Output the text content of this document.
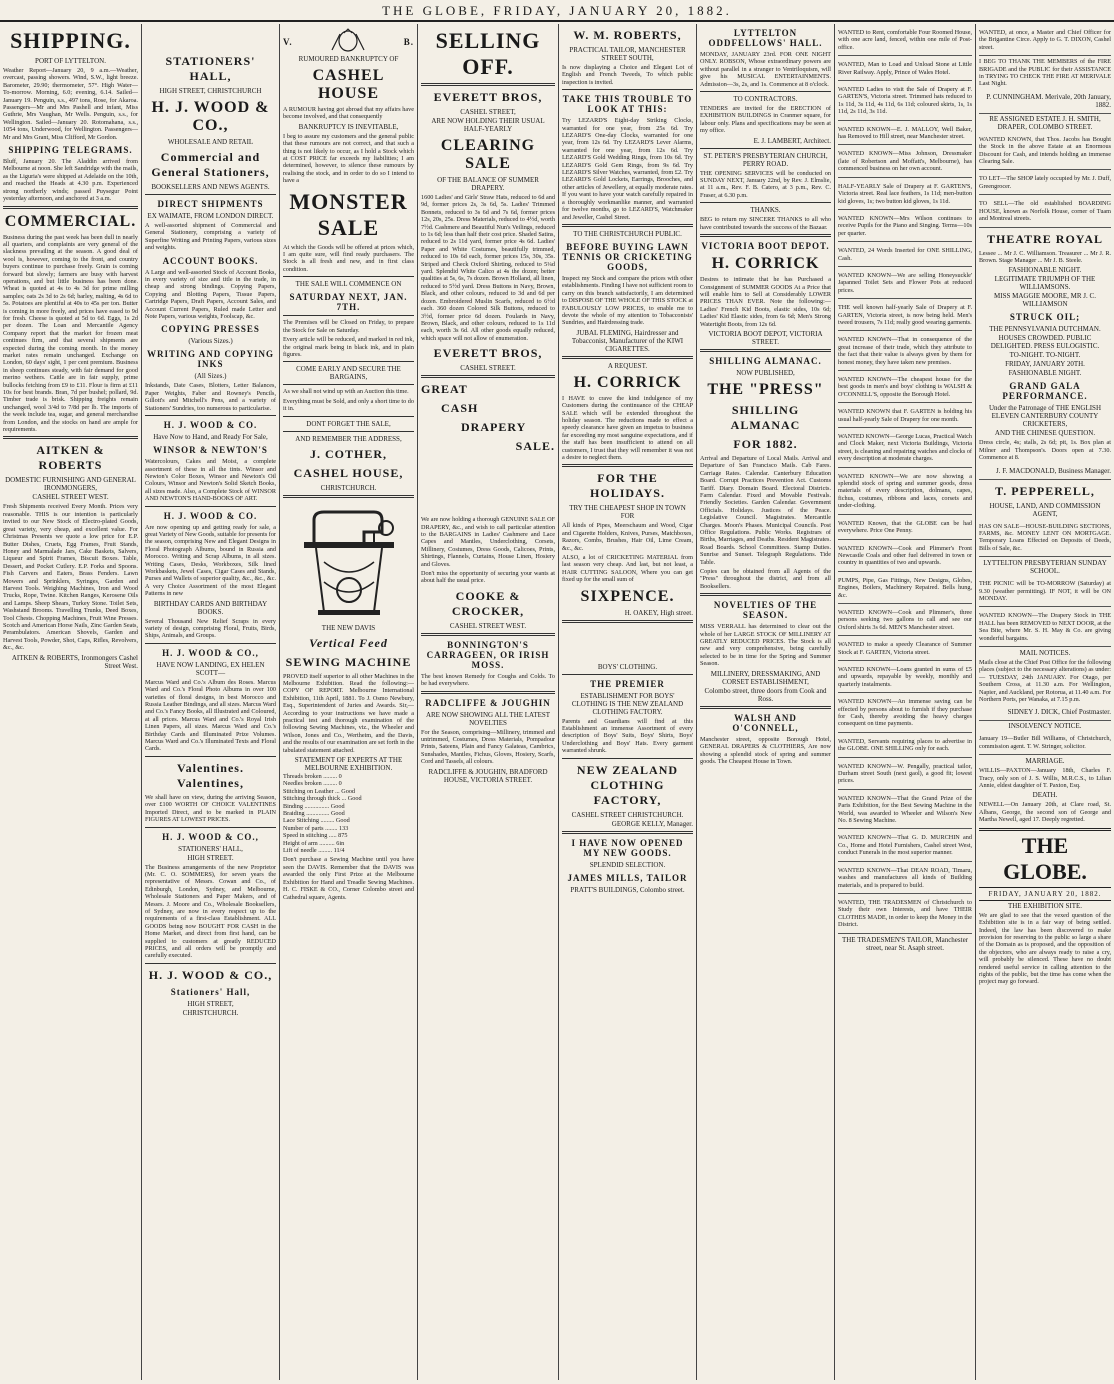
THE GLOBE, FRIDAY, JANUARY 20, 1882.
SHIPPING.
PORT OF LYTTELTON.
Weather Report—January 20, 9 a.m.—Weather, overcast, passing showers. Wind, S.W., light breeze. Barometer, 29.90; thermometer, 57°. High Water—To-morrow. Morning, 6.0; evening, 6.14. Sailed—January 19. Penguin, s.s., 497 tons, Rose, for Akaroa. Passengers—Mr and Mrs Pashell and infant, Miss Guthrie, Mrs Vaughan, Mr Wells. Penguin, s.s., for Wellington. Sailed—January 20. Rotomahana, s.s., 1054 tons, Underwood, for Wellington. Passengers—Mr and Mrs Grant, Miss Clifford, Mr Gordon.
SHIPPING TELEGRAMS.
Bluff, January 20. The Aladdin arrived from Melbourne at noon. She left Sandridge with the mails, as the Liguria's were shipped at Adelaide on the 10th, and reached the Heads at 4.30 p.m. Experienced strong northerly winds; passed Puysegur Point yesterday afternoon, and anchored at 3 a.m.
COMMERCIAL.
Business during the past week has been dull in nearly all quarters, and complaints are very general of the slackness prevailing at the season. A good deal of wool is, however, coming to the front, and country buyers continue to purchase freely. Grain is coming forward but slowly; farmers are busy with harvest operations, and but little business has been done. Wheat is quoted at 4s to 4s 3d for prime milling samples; oats 2s 3d to 2s 6d; barley, malting, 4s 6d to 5s. Potatoes are plentiful at 40s to 45s per ton. Butter is coming in more freely, and prices have eased to 9d for fresh. Cheese is quoted at 5d to 6d. Eggs, 1s 2d per dozen. The Loan and Mercantile Agency Company report that the market for frozen meat continues firm, and that several shipments are expected during the coming month. In the money market rates remain unchanged. Exchange on London, 60 days' sight, 1 per cent premium. Business in sheep continues steady, with fair demand for good merino wethers. Cattle are in fair supply, prime bullocks fetching from £9 to £11. Flour is firm at £11 10s for best brands. Bran, 7d per bushel; pollard, 9d. Timber trade is brisk. Shipping freights remain unchanged, wool 3/4d to 7/8d per lb. The imports of the week include tea, sugar, and general merchandise from London, and the stocks on hand are ample for requirements.
AITKEN & ROBERTS
DOMESTIC FURNISHING AND GENERAL IRONMONGERS,
CASHEL STREET WEST.
Fresh Shipments received Every Month. Prices very reasonable. THIS is our intention is particularly invited to our New Stock of Electro-plated Goods, great variety, very cheap, and excellent value. For Christmas Presents we quote a low price for E.P. Butter Dishes, Cruets, Egg Frames, Fruit Stands, Honey and Marmalade Jars, Cake Baskets, Salvers, Liqueur and Spirit Frames, Biscuit Boxes. Table, Dessert, and Pocket Cutlery. E.P. Forks and Spoons. Fish Carvers and Eaters, Brass Fenders. Lawn Mowers and Sprinklers, Syringes, Garden and Harvest Tools. Weighing Machines, Iron and Wood Trucks, Rope, Twine. Kitchen Ranges, Kerosene Oils and Lamps. Sheep Shears, Turkey Stone. Toilet Sets, Washstand Brooms. Travelling Trunks, Deed Boxes, Tool Chests. Chopping Machines, Fruit Wine Presses. Scotch and American Horse Nails, Zinc Garden Seats, Perambulators. American Shovels, Garden and Harvest Tools, Powder, Shot, Caps, Rifles, Revolvers, &c., &c.
AITKEN & ROBERTS, Ironmongers Cashel Street West.
STATIONERS' HALL,
HIGH STREET, CHRISTCHURCH
H. J. WOOD & CO.,
WHOLESALE AND RETAIL
Commercial and General Stationers,
BOOKSELLERS AND NEWS AGENTS.
DIRECT SHIPMENTS
EX WAIMATE, FROM LONDON DIRECT.
A well-assorted shipment of Commercial and General Stationery, comprising a variety of Superfine Writing and Printing Papers, various sizes and weights.
ACCOUNT BOOKS.
A Large and well-assorted Stock of Account Books, in every variety of size and title in the trade, in cheap and strong bindings. Copying Papers, Copying and Blotting Papers, Tissue Papers, Cartridge Papers, Draft Papers, Account Sales, and Account Current Papers, Ruled made Letter and Note Papers, various weights, Foolscap, &c.
COPYING PRESSES
(Various Sizes.)
WRITING AND COPYING INKS
(All Sizes.)
Inkstands, Date Cases, Blotters, Letter Balances, Paper Weights, Faber and Rowney's Pencils, Gillott's and Mitchell's Pens, and a variety of Stationers' Sundries, too numerous to particularise.
H. J. WOOD & CO.
Have Now to Hand, and Ready For Sale,
WINSOR & NEWTON'S
Watercolours, Cakes and Moist, a complete assortment of these in all the tints. Winsor and Newton's Color Boxes, Winsor and Newton's Oil Colours, Winsor and Newton's Solid Sketch Books, all sizes made. Also, a Complete Stock of WINSOR AND NEWTON'S HAND-BOOKS OF ART.
H. J. WOOD & CO.
Are now opening up and getting ready for sale, a great Variety of New Goods, suitable for presents for the season, comprising New and Elegant Designs in Floral Photograph Albums, bound in Russia and Morocco. Writing and Scrap Albums, in all sizes. Writing Cases, Desks, Workboxes, Silk lined Workbaskets, Jewel Cases, Cigar Cases and Stands, Purses and Wallets of superior quality, &c., &c., &c. A very Choice Assortment of the most Elegant Patterns in new
BIRTHDAY CARDS AND BIRTHDAY BOOKS.
Several Thousand New Relief Scraps in every variety of design, comprising Floral, Fruits, Birds, Ships, Animals, and Groups.
H. J. WOOD & CO.,
HAVE NOW LANDING, EX HELEN SCOTT—
Marcus Ward and Co.'s Album des Roses. Marcus Ward and Co.'s Floral Photo Albums in over 100 varieties of floral designs, in best Morocco and Russia Leather Bindings, and all sizes. Marcus Ward and Co.'s Fancy Books, all Illustrated and Coloured, at all prices. Marcus Ward and Co.'s Royal Irish Linen Papers, all sizes. Marcus Ward and Co.'s Birthday Cards and Illuminated Prize Volumes. Marcus Ward and Co.'s Illuminated Texts and Floral Cards.
Valentines. Valentines,
We shall have on view, during the arriving Season, over £100 WORTH OF CHOICE VALENTINES Imported Direct, and to be marked in PLAIN FIGURES AT LOWEST PRICES.
H. J. WOOD & CO.,
STATIONERS' HALL,
HIGH STREET.
The Business arrangements of the new Proprietor (Mr. C. O. SOMMERS), for seven years the representative of Messrs. Cowan and Co., of Edinburgh, London, Sydney, and Melbourne, Wholesale Stationers and Paper Makers, and of Messrs. J. Moore and Co., Wholesale Booksellers, of Sydney, are now in every respect up to the requirements of a first-class Establishment. ALL GOODS being now BOUGHT FOR CASH in the Home Market, and direct from first hand, can be supplied to customers at greatly REDUCED PRICES, and all orders will be promptly and carefully executed.
H. J. WOOD & CO.,
Stationers' Hall,
HIGH STREET,
CHRISTCHURCH.
V.	B.
RUMOURED BANKRUPTCY OF
CASHEL HOUSE
A RUMOUR having got abroad that my affairs have become involved, and that consequently
BANKRUPTCY IS INEVITABLE,
I beg to assure my customers and the general public that these rumours are not correct, and that such a thing is not likely to occur, as I hold a Stock which at COST PRICE far exceeds my liabilities; I am determined, however, to silence these rumours by realising the stock, and in order to do so I intend to have a
MONSTER SALE
At which the Goods will be offered at prices which, I am quite sure, will find ready purchasers. The Stock is all fresh and new, and in first class condition.
THE SALE WILL COMMENCE ON
SATURDAY NEXT, JAN. 7TH.
The Premises will be Closed on Friday, to prepare the Stock for Sale on Saturday.
Every article will be reduced, and marked in red ink, the original mark being in black ink, and in plain figures.
COME EARLY AND SECURE THE BARGAINS,
As we shall not wind up with an Auction this time.
Everything must be Sold, and only a short time to do it in.
DONT FORGET THE SALE,
AND REMEMBER THE ADDRESS,
J. COTHER,
CASHEL HOUSE,
CHRISTCHURCH.
THE NEW DAVIS
Vertical Feed
SEWING MACHINE
PROVED itself superior to all other Machines in the Melbourne Exhibition. Read the following:— COPY OF REPORT. Melbourne International Exhibition, 11th April, 1881. To J. Osmo Newbury, Esq., Superintendent of Juries and Awards. Sir,—According to your instructions we have made a practical test and thorough examination of the following Sewing Machines, viz., the Wheeler and Wilson, Jones and Co., Wertheim, and the Davis, and the results of our examination are set forth in the tabulated statement attached.
STATEMENT OF EXPERTS AT THE MELBOURNE EXHIBITION.
Threads broken ......... 0
Needles broken ......... 0
Stitching on Leather ... Good
Stitching through thick ... Good
Binding ................ Good
Braiding ............... Good
Lace Stitching ......... Good
Number of parts ........ 133
Speed in stitching ..... 875
Height of arm .......... 6in
Lift of needle ......... 11/4
Don't purchase a Sewing Machine until you have seen the DAVIS. Remember that the DAVIS was awarded the only First Prize at the Melbourne Exhibition for Hand and Treadle Sewing Machines. H. C. FISKE & CO., Corner Colombo street and Cathedral square, Agents.
SELLING OFF.
EVERETT BROS,
CASHEL STREET,
ARE NOW HOLDING THEIR USUAL HALF-YEARLY
CLEARING SALE
OF THE BALANCE OF SUMMER DRAPERY.
1600 Ladies' and Girls' Straw Hats, reduced to 6d and 9d, former prices 2s, 3s 6d, 5s. Ladies' Trimmed Bonnets, reduced to 3s 6d and 7s 6d, former prices 12s, 20s, 25s. Dress Materials, reduced to 4½d, worth 7½d. Cashmere and Beautiful Nun's Veilings, reduced to 1s 6d; less than half their cost price. Shaded Satins, reduced to 2s 11d yard, former price 4s 6d. Ladies' Paper and White Costumes, beautifully trimmed, reduced to 10s 6d each, former prices 15s, 30s, 35s. Striped and Check Oxford Shirting, reduced to 5¼d yard. Splendid White Calico at 4s the dozen; better qualities at 5s, 6s, 7s dozen. Brown Holland, all linen, reduced to 5½d yard. Dress Buttons in Navy, Brown, Black, and other colours, reduced to 3d and 6d per dozen. Embroidered Muslin Scarfs, reduced to 6½d each. 360 dozen Colored Silk Buttons, reduced to 3½d, former price 6d dozen. Foulards in Navy, Brown, Black, and other colours, reduced to 1s 11d each, worth 3s 6d. All other goods equally reduced, which space will not allow of enumeration.
EVERETT BROS,
CASHEL STREET.
GREAT
CASH
DRAPERY
SALE.
We are now holding a thorough GENUINE SALE OF DRAPERY, &c., and wish to call particular attention to the BARGAINS in Ladies' Cashmere and Lace Capes and Mantles, Underclothing, Corsets, Millinery, Costumes, Dress Goods, Calicoes, Prints, Shirtings, Flannels, Curtains, House Linen, Hosiery and Gloves.
Don't miss the opportunity of securing your wants at about half the usual price.
COOKE & CROCKER,
CASHEL STREET WEST.
BONNINGTON'S CARRAGEEN, OR IRISH MOSS.
The best known Remedy for Coughs and Colds. To be had everywhere.
RADCLIFFE & JOUGHIN
ARE NOW SHOWING ALL THE LATEST NOVELTIES
For the Season, comprising—Millinery, trimmed and untrimmed, Costumes, Dress Materials, Pompadour Prints, Sateens, Plain and Fancy Galateas, Cambrics, Sunshades, Mantles, Fichus, Gloves, Hosiery, Scarfs, Cord and Tassels, all colours.
RADCLIFFE & JOUGHIN, BRADFORD HOUSE, VICTORIA STREET.
W. M. ROBERTS,
PRACTICAL TAILOR, MANCHESTER STREET SOUTH,
Is now displaying a Choice and Elegant Lot of English and French Tweeds, To which public inspection is invited.
TAKE THIS TROUBLE TO LOOK AT THIS:
Try LEZARD'S Eight-day Striking Clocks, warranted for one year, from 25s 6d. Try LEZARD'S One-day Clocks, warranted for one year, from 12s 6d. Try LEZARD'S Lever Alarms, warranted for one year, from 12s 6d. Try LEZARD'S Gold Wedding Rings, from 10s 6d. Try LEZARD'S Gold Gem Rings, from 9s 6d. Try LEZARD'S Silver Watches, warranted, from £2. Try LEZARD'S Gold Lockets, Earrings, Brooches, and other articles of Jewellery, at equally moderate rates. If you want to have your watch carefully repaired in a thoroughly workmanlike manner, and warranted for twelve months, go to LEZARD'S, Watchmaker and Jeweller, Cashel Street.
TO THE CHRISTCHURCH PUBLIC.
BEFORE BUYING LAWN TENNIS OR CRICKETING GOODS,
Inspect my Stock and compare the prices with other establishments. Finding I have not sufficient room to carry on this branch satisfactorily, I am determined to DISPOSE OF THE WHOLE OF THIS STOCK at FABULOUSLY LOW PRICES, to enable me to devote the whole of my attention to Tobacconists' Sundries, and Hairdressing trade.
JUBAL FLEMING, Hairdresser and Tobacconist, Manufacturer of the KIWI CIGARETTES.
A REQUEST.
H. CORRICK
I HAVE to crave the kind indulgence of my Customers during the continuance of the CHEAP SALE which will be extended throughout the holiday season. The reductions made to effect a speedy clearance have given an impetus to business far exceeding my most sanguine expectations, and if the staff has been insufficient to attend on all customers, I trust that they will remember it was not a desire to neglect them.
FOR THE HOLIDAYS.
TRY THE CHEAPEST SHOP IN TOWN FOR
All kinds of Pipes, Meerschaum and Wood, Cigar and Cigarette Holders, Knives, Purses, Matchboxes, Razors, Combs, Brushes, Hair Oil, Lime Cream, &c., &c.
ALSO, a lot of CRICKETING MATERIAL from last season very cheap. And last, but not least, a HAIR CUTTING SALOON, Where you can get fixed up for the small sum of
SIXPENCE.
H. OAKEY, High street.
BOYS' CLOTHING.
THE PREMIER
ESTABLISHMENT FOR BOYS' CLOTHING IS THE NEW ZEALAND CLOTHING FACTORY.
Parents and Guardians will find at this Establishment an immense Assortment of every description of Boys' Suits, Boys' Shirts, Boys' Underclothing and Boys' Hats. Every garment warranted shrunk.
NEW ZEALAND CLOTHING FACTORY,
CASHEL STREET CHRISTCHURCH.
GEORGE KELLY, Manager.
I HAVE NOW OPENED MY NEW GOODS.
SPLENDID SELECTION.
JAMES MILLS, TAILOR
PRATT'S BUILDINGS, Colombo street.
LYTTELTON ODDFELLOWS' HALL.
MONDAY, JANUARY 23rd. FOR ONE NIGHT ONLY. ROBSON, Whose extraordinary powers are without parallel in a stranger to Ventriloquism, will give his MUSICAL ENTERTAINMENTS. Admission—3s, 2s, and 1s. Commence at 8 o'clock.
TO CONTRACTORS.
TENDERS are invited for the ERECTION of EXHIBITION BUILDINGS in Cranmer square, for labour only. Plans and specifications may be seen at my office.
E. J. LAMBERT, Architect.
ST. PETER'S PRESBYTERIAN CHURCH, PERRY ROAD.
THE OPENING SERVICES will be conducted on SUNDAY NEXT, January 22nd, by Rev. J. Elmslie, at 11 a.m., Rev. F. B. Catero, at 3 p.m., Rev. C. Fraser, at 6.30 p.m.
THANKS.
BEG to return my SINCERE THANKS to all who have contributed towards the success of the Bazaar.
VICTORIA BOOT DEPOT.
H. CORRICK
Desires to intimate that he has Purchased a Consignment of SUMMER GOODS At a Price that will enable him to Sell at Considerably LOWER PRICES THAN EVER. Note the following:— Ladies' French Kid Boots, elastic sides, 10s 6d; Ladies' Kid Elastic sides, from 6s 6d; Men's Strong Watertight Boots, from 12s 6d.
VICTORIA BOOT DEPOT, VICTORIA STREET.
SHILLING ALMANAC.
NOW PUBLISHED,
THE "PRESS"
SHILLING ALMANAC
FOR 1882.
Arrival and Departure of Local Mails. Arrival and Departure of San Francisco Mails. Cab Fares. Carriage Rates. Calendar. Canterbury Education Board. Corrupt Practices Prevention Act. Customs Tariff. Diary. Domain Board. Electoral Districts. Farm Calendar. Fixed and Movable Festivals. Friendly Societies. Garden Calendar. Government Officials. Holidays. Justices of the Peace. Legislative Council. Magistrates. Mercantile Charges. Moon's Phases. Municipal Councils. Post Office Regulations. Public Works. Registrars of Births, Marriages, and Deaths. Resident Magistrates. Road Boards. School Committees. Stamp Duties. Sunrise and Sunset. Telegraph Regulations. Tide Table.
Copies can be obtained from all Agents of the "Press" throughout the district, and from all Booksellers.
NOVELTIES OF THE SEASON.
MISS VERRALL has determined to clear out the whole of her LARGE STOCK OF MILLINERY AT GREATLY REDUCED PRICES. The Stock is all new and very comprehensive, being carefully selected to be in time for the Spring and Summer Season.
MILLINERY, DRESSMAKING, AND CORSET ESTABLISHMENT,
Colombo street, three doors from Cook and Ross.
WALSH AND O'CONNELL,
Manchester street, opposite Borough Hotel, GENERAL DRAPERS & CLOTHIERS, Are now showing a splendid stock of spring and summer goods. The Cheapest House in Town.
WANTED to Rent, comfortable Four Roomed House, with one acre land, fenced, within one mile of Post-office.
WANTED, Man to Load and Unload Stone at Little River Railway. Apply, Prince of Wales Hotel.
WANTED Ladies to visit the Sale of Drapery at F. GARTEN'S, Victoria street. Trimmed hats reduced to 1s 11d, 3s 11d, 4s 11d, 6s 11d; coloured skirts, 1s, 1s 11d, 2s 11d, 3s 11d.
WANTED KNOWN—E. J. MALLOY, Well Baker, has Removed to Hill street, near Manchester street.
WANTED KNOWN—Miss Johnson, Dressmaker (late of Robertson and Moffatt's, Melbourne), has commenced business on her own account.
HALF-YEARLY Sale of Drapery at F. GARTEN'S, Victoria street. Real lace feathers, 1s 11d; men-button kid gloves, 1s; two button kid gloves, 1s 11d.
WANTED KNOWN—Mrs Wilson continues to receive Pupils for the Piano and Singing. Terms—10s per quarter.
WANTED, 24 Words Inserted for ONE SHILLING, Cash.
WANTED KNOWN—We are selling Honeysuckle' Japanned Toilet Sets and Flower Pots at reduced prices.
THE well known half-yearly Sale of Drapery at F. GARTEN, Victoria street, is now being held. Men's tweed trousers, 7s 11d; really good wearing garments.
WANTED KNOWN—That in consequence of the great increase of their trade, which they attribute to the fact that their value is always given by them for honest money, they have taken new premises.
WANTED KNOWN—The cheapest house for the best goods in men's and boys' clothing is WALSH & O'CONNELL'S, opposite the Borough Hotel.
WANTED KNOWN that F. GARTEN is holding his usual half-yearly Sale of Drapery for one month.
WANTED KNOWN—George Lucas, Practical Watch and Clock Maker, next Victoria Buildings, Victoria street, is cleaning and repairing watches and clocks of every description at moderate charges.
WANTED KNOWN—We are now showing a splendid stock of spring and summer goods, dress materials of every description, dolmans, capes, fichus, costumes, ribbons and laces, corsets and under-clothing.
WANTED Known, that the GLOBE can be had everywhere. Price One Penny.
WANTED KNOWN—Cook and Plimmer's Front Newcastle Coals and other fuel delivered in town or country in quantities of two and upwards.
PUMPS, Pipe, Gas Fittings, New Designs, Globes, Engines, Boilers, Machinery Repaired. Bells hung, &c.
WANTED KNOWN—Cook and Plimmer's, three persons seeking two gallons to call and see our Oxford shirts 3s 6d. MEN'S Manchester street.
WANTED to make a speedy Clearance of Summer Stock at F. GARTEN, Victoria street.
WANTED KNOWN—Loans granted in sums of £5 and upwards, repayable by weekly, monthly and quarterly instalments.
WANTED KNOWN—An immense saving can be effected by persons about to furnish if they purchase for Cash, thereby avoiding the heavy charges consequent on time payments.
WANTED, Servants requiring places to advertise in the GLOBE. ONE SHILLING only for each.
WANTED KNOWN—W. Pengally, practical tailor, Durham street South (next gaol), a good fit; lowest prices.
WANTED KNOWN—That the Grand Prize of the Paris Exhibition, for the Best Sewing Machine in the World, was awarded to Wheeler and Wilson's New No. 8 Sewing Machine.
WANTED KNOWN—That G. D. MURCHIN and Co., Home and Hotel Furnishers, Cashel street West, conduct Funerals in the most superior manner.
WANTED KNOWN—That DEAN ROAD, Timaru, washes and manufactures all kinds of Building materials, and is prepared to build.
WANTED, THE TRADESMEN of Christchurch to Study their own Interests, and have THEIR CLOTHES MADE, in order to keep the Money in the District.
THE TRADESMEN'S TAILOR, Manchester street, near St. Asaph street.
WANTED, at once, a Master and Chief Officer for the Brigantine Circe. Apply to G. T. DIXON, Cashel street.
I BEG TO THANK THE MEMBERS of the FIRE BRIGADE and the PUBLIC for their ASSISTANCE in TRYING TO CHECK THE FIRE AT MERIVALE Last Night.
P. CUNNINGHAM. Merivale, 20th January, 1882.
RE ASSIGNED ESTATE J. H. SMITH, DRAPER, COLOMBO STREET.
WANTED KNOWN, that Thos. Jacobs has Bought the Stock in the above Estate at an Enormous Discount for Cash, and intends holding an immense Clearing Sale.
TO LET—The SHOP lately occupied by Mr. J. Duff, Greengrocer.
TO SELL—The old established BOARDING HOUSE, known as Norfolk House, corner of Tuam and Montreal streets.
THEATRE ROYAL
Lessee ... Mr J. C. Williamson. Treasurer ... Mr J. R. Brown. Stage Manager ... Mr J. B. Steele.
FASHIONABLE NIGHT.
LEGITIMATE TRIUMPH OF THE WILLIAMSONS.
MISS MAGGIE MOORE, MR J. C. WILLIAMSON
STRUCK OIL;
THE PENNSYLVANIA DUTCHMAN.
HOUSES CROWDED. PUBLIC DELIGHTED. PRESS EULOGISTIC.
TO-NIGHT. TO-NIGHT.
FRIDAY, JANUARY 20TH.
FASHIONABLE NIGHT.
GRAND GALA PERFORMANCE.
Under the Patronage of THE ENGLISH ELEVEN CANTERBURY COUNTY CRICKETERS,
AND THE CHINESE QUESTION.
Dress circle, 4s; stalls, 2s 6d; pit, 1s. Box plan at Milner and Thompson's. Doors open at 7.30. Commence at 8.
J. F. MACDONALD, Business Manager.
T. PEPPERELL,
HOUSE, LAND, AND COMMISSION AGENT,
HAS ON SALE—HOUSE-BUILDING SECTIONS, FARMS, &c. MONEY LENT ON MORTGAGE. Temporary Loans Effected on Deposits of Deeds, Bills of Sale, &c.
LYTTELTON PRESBYTERIAN SUNDAY SCHOOL.
THE PICNIC will be TO-MORROW (Saturday) at 9.30 (weather permitting). IF NOT, it will be ON MONDAY.
WANTED KNOWN—The Drapery Stock in THE HALL has been REMOVED to NEXT DOOR, at the Sea Bite, where Mr. S. H. May & Co. are giving wonderful bargains.
MAIL NOTICES.
Mails close at the Chief Post Office for the following places (subject to the necessary alterations) as under:— TUESDAY, 24th JANUARY. For Otago, per Southern Cross, at 11.30 a.m. For Wellington, Napier, and Auckland, per Rotorua, at 11.40 a.m. For Northern Ports, per Wanaka, at 7.15 p.m.
SIDNEY J. DICK, Chief Postmaster.
INSOLVENCY NOTICE.
January 19—Butler Bill Williams, of Christchurch, commission agent. T. W. Stringer, solicitor.
MARRIAGE.
WILLIS—PAXTON—January 18th, Charles F. Tracy, only son of J. S. Willis, M.R.C.S., to Lilian Annie, eldest daughter of T. Paxton, Esq.
DEATH.
NEWELL—On January 20th, at Clare road, St. Albans, George, the second son of George and Martha Newell, aged 17. Deeply regretted.
THE GLOBE.
FRIDAY, JANUARY 20, 1882.
THE EXHIBITION SITE.
We are glad to see that the vexed question of the Exhibition site is in a fair way of being settled. Indeed, the law has been discovered to make provision for reserving to the public so large a share of the Domain as is proposed, and the opposition of the objectors, who are always ready to raise a cry, will probably be silenced. These have no doubt rendered useful service in calling attention to the rights of the public, but the time has come when the project may go forward.
